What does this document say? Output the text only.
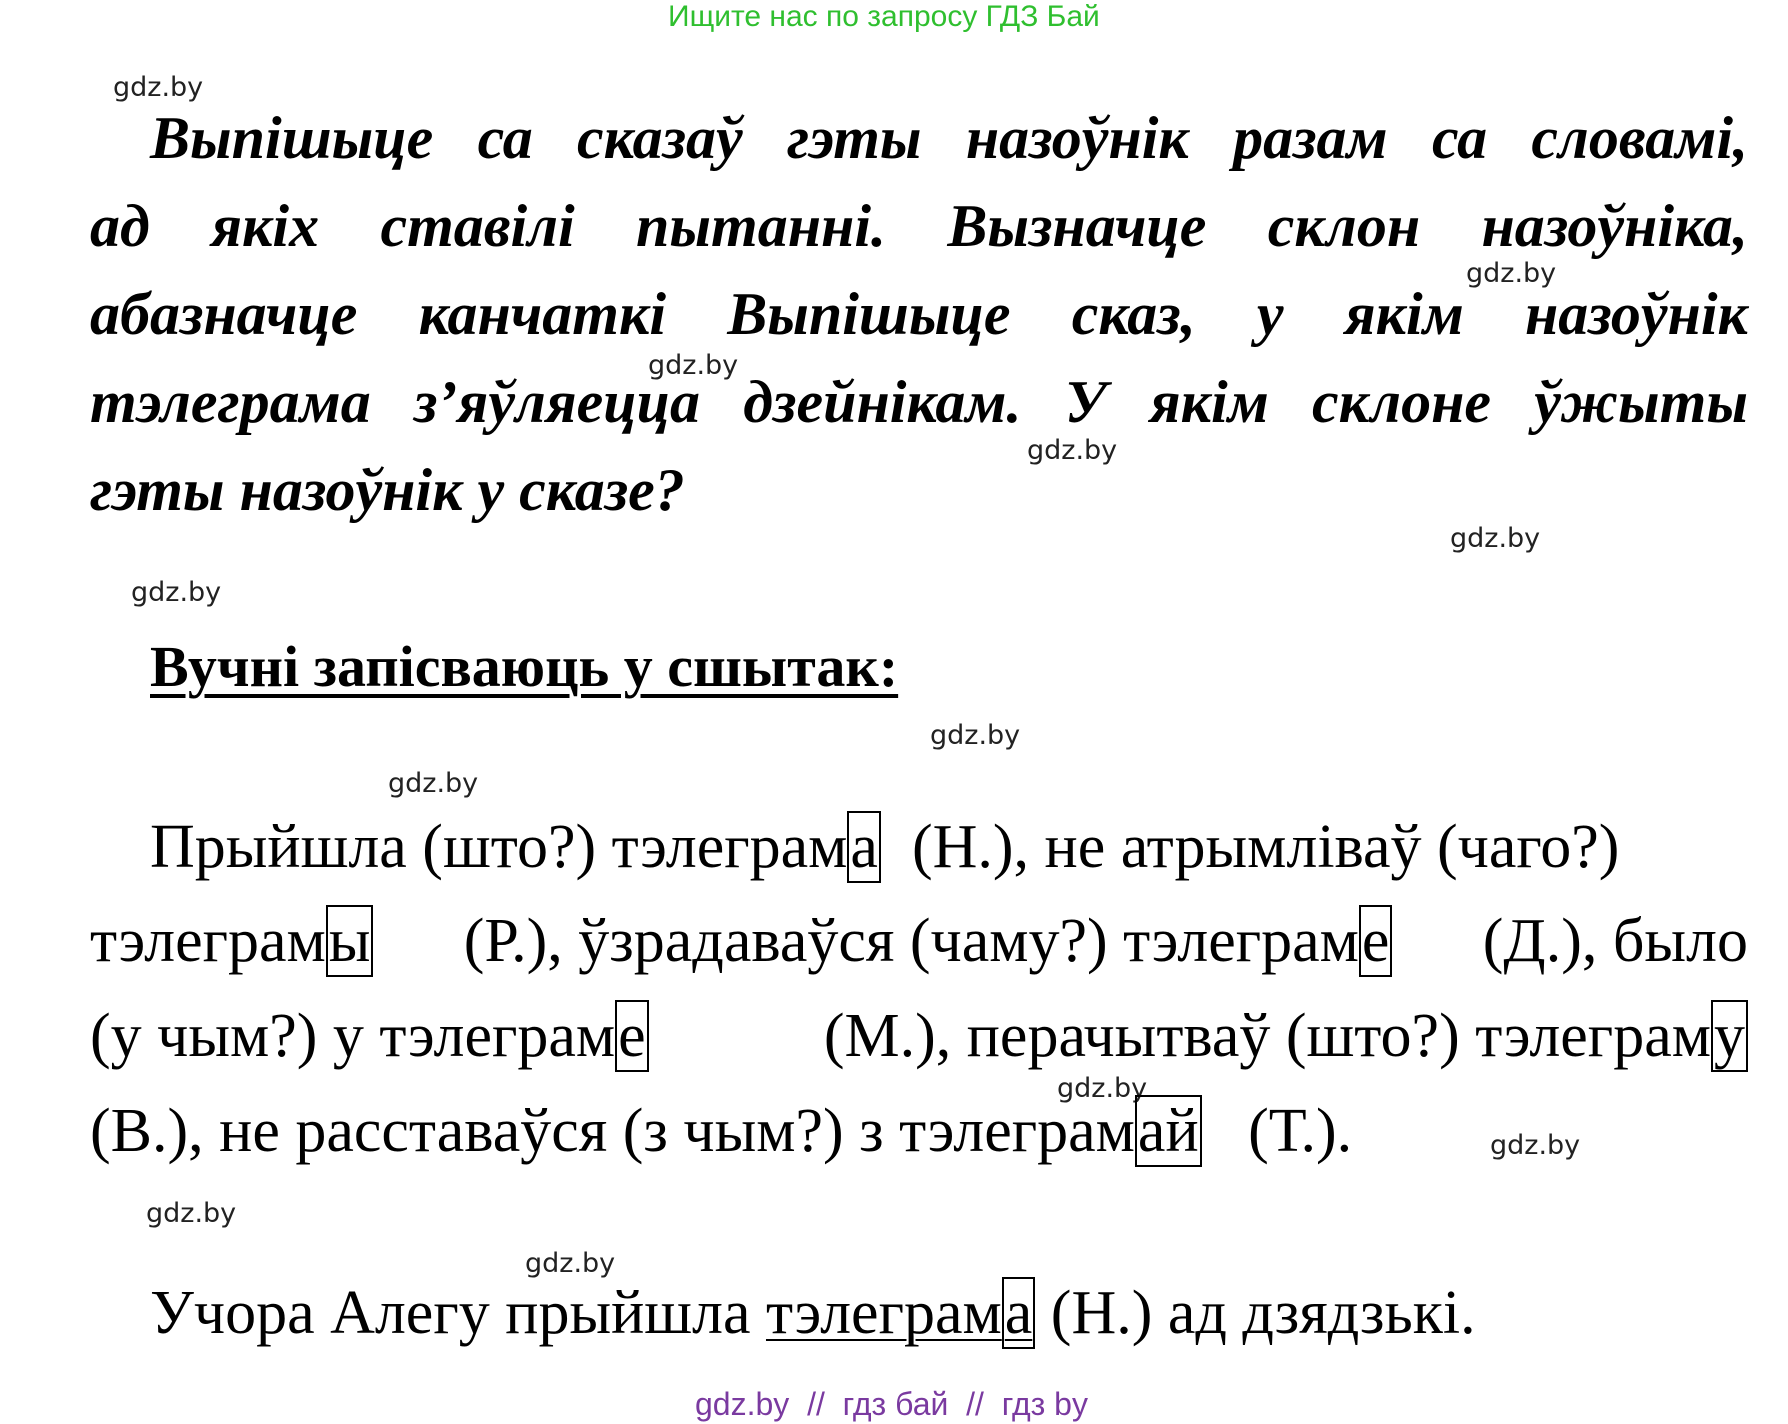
Ищите нас по запросу ГДЗ Бай
gdz.by
gdz.by
gdz.by
gdz.by
gdz.by
gdz.by
gdz.by
gdz.by
gdz.by
gdz.by
gdz.by
gdz.by
Выпішыце са сказаў гэты назоўнік разам са словамі,
ад якіх ставілі пытанні. Вызначце склон назоўніка,
абазначце канчаткі Выпішыце сказ, у якім назоўнік
тэлеграма з’яўляецца дзейнікам. У якім склоне ўжыты
гэты назоўнік у сказе?
Вучні запісваюць у сшытак:
Прыйшла (што?) тэлеграма (Н.), не атрымліваў (чаго?)
тэлеграмы (Р.), ўзрадаваўся (чаму?) тэлеграме (Д.), было
(у чым?) у тэлеграме	(М.), перачытваў (што?) тэлеграму
(В.), не расставаўся (з чым?) з тэлеграмай (Т.).
Учора Алегу прыйшла тэлеграма (Н.) ад дзядзькі.
gdz.by  //  гдз бай  //  гдз by
